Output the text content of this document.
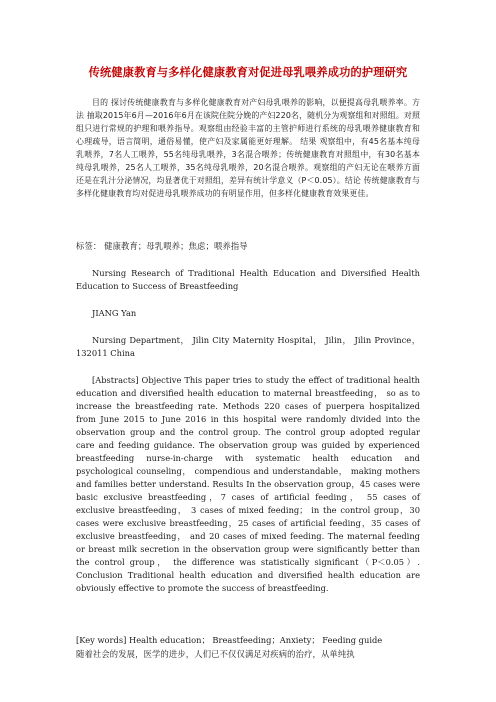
传统健康教育与多样化健康教育对促进母乳喂养成功的护理研究

目的 探讨传统健康教育与多样化健康教育对产妇母乳喂养的影响，以便提高母乳喂养率。方法 抽取2015年6月—2016年6月在该院住院分娩的产妇220名，随机分为观察组和对照组。对照组只进行常规的护理和喂养指导。观察组由经验丰富的主管护师进行系统的母乳喂养健康教育和心理疏导，语言简明，通俗易懂，使产妇及家属能更好理解。 结果 观察组中，有45名基本纯母乳喂养，7名人工喂养，55名纯母乳喂养，3名混合喂养；传统健康教育对照组中，有30名基本纯母乳喂养，25名人工喂养，35名纯母乳喂养，20名混合喂养。观察组的产妇无论在喂养方面还是在乳汁分泌情况，均显著优于对照组，差异有统计学意义（P＜0.05）。结论 传统健康教育与多样化健康教育均对促进母乳喂养成功的有明显作用，但多样化健康教育效果更佳。

标签： 健康教育；母乳喂养；焦虑；喂养指导
Nursing Research of Traditional Health Education and Diversified Health
Education to Success of Breastfeeding
JIANG Yan
Nursing Department， Jilin City Maternity Hospital， Jilin， Jilin Province，
132011 China

[Abstracts] Objective This paper tries to study the effect of traditional health education and diversified health education to maternal breastfeeding， so as to increase the breastfeeding rate. Methods 220 cases of puerpera hospitalized from June 2015 to June 2016 in this hospital were randomly divided into the observation group and the control group. The control group adopted regular care and feeding guidance. The observation group was guided by experienced breastfeeding nurse-in-charge with systematic health education and psychological counseling， compendious and understandable， making mothers and families better understand. Results In the observation group，45 cases were basic exclusive breastfeeding，7 cases of artificial feeding， 55 cases of exclusive breastfeeding， 3 cases of mixed feeding； in the control group，30 cases were exclusive breastfeeding，25 cases of artificial feeding，35 cases of exclusive breastfeeding， and 20 cases of mixed feeding. The maternal feeding or breast milk secretion in the observation group were significantly better than the control group， the difference was statistically significant（P＜0.05）. Conclusion Traditional health education and diversified health education are obviously effective to promote the success of breastfeeding.

[Key words] Health education； Breastfeeding；Anxiety； Feeding guide
随着社会的发展，医学的进步，人们已不仅仅满足对疾病的治疗，从单纯执
